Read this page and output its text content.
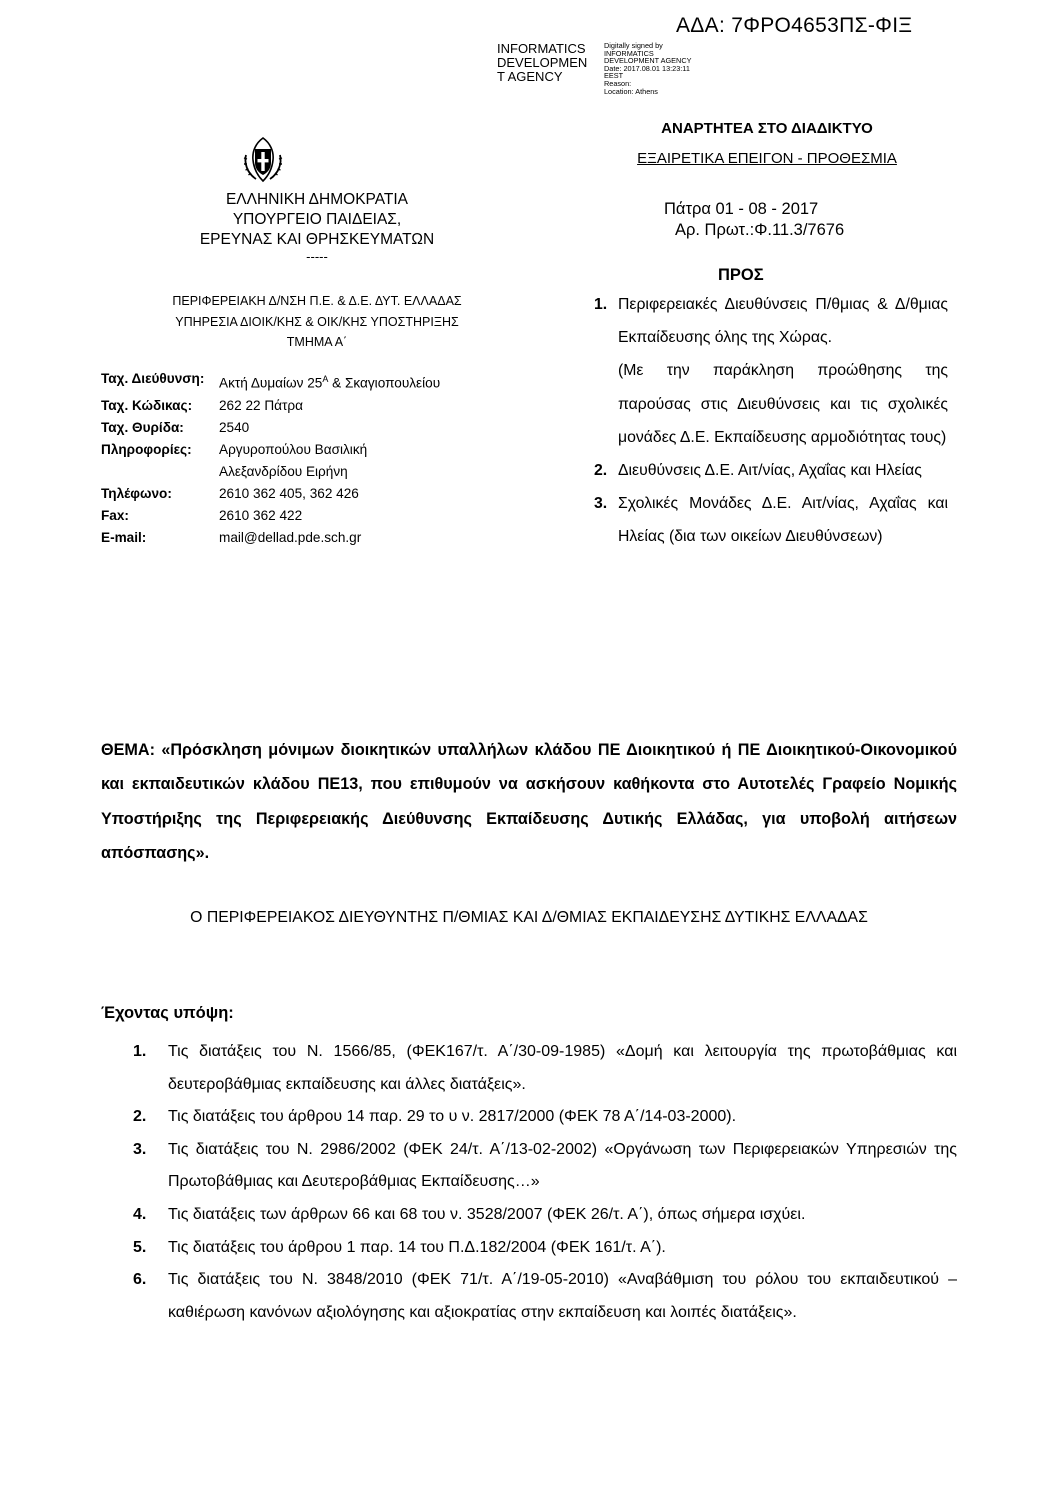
ΑΔΑ: 7ΦΡΟ4653ΠΣ-ΦΙΞ
INFORMATICS
DEVELOPMEN
T AGENCY
Digitally signed by
INFORMATICS
DEVELOPMENT AGENCY
Date: 2017.08.01 13:23:11
EEST
Reason:
Location: Athens
ΕΛΛΗΝΙΚΗ ΔΗΜΟΚΡΑΤΙΑ
ΥΠΟΥΡΓΕΙΟ ΠΑΙΔΕΙΑΣ,
ΕΡΕΥΝΑΣ ΚΑΙ ΘΡΗΣΚΕΥΜΑΤΩΝ
-----
ΠΕΡΙΦΕΡΕΙΑΚΗ Δ/ΝΣΗ Π.Ε. & Δ.Ε. ΔΥΤ. ΕΛΛΑΔΑΣ
ΥΠΗΡΕΣΙΑ ΔΙΟΙΚ/ΚΗΣ & ΟΙΚ/ΚΗΣ ΥΠΟΣΤΗΡΙΞΗΣ
ΤΜΗΜΑ Α΄
Ταχ. Διεύθυνση:	Ακτή Δυμαίων $25^A$ & Σκαγιοπουλείου
Ταχ. Κώδικας:	262 22 Πάτρα
Ταχ. Θυρίδα:	2540
Πληροφορίες:	Αργυροπούλου Βασιλική
	Αλεξανδρίδου Ειρήνη
Τηλέφωνο:	2610 362 405, 362 426
Fax:	2610 362 422
E-mail:	mail@dellad.pde.sch.gr
ΑΝΑΡΤΗΤΕΑ ΣΤΟ ΔΙΑΔΙΚΤΥΟ
ΕΞΑΙΡΕΤΙΚΑ ΕΠΕΙΓΟΝ - ΠΡΟΘΕΣΜΙΑ
Πάτρα 01 - 08 - 2017
Αρ. Πρωτ.:Φ.11.3/7676
ΠΡΟΣ
1. Περιφερειακές Διευθύνσεις Π/θμιας & Δ/θμιας Εκπαίδευσης όλης της Χώρας.
(Με την παράκληση προώθησης της παρούσας στις Διευθύνσεις και τις σχολικές μονάδες Δ.Ε. Εκπαίδευσης αρμοδιότητας τους)
2. Διευθύνσεις Δ.Ε. Αιτ/νίας, Αχαΐας και Ηλείας
3. Σχολικές Μονάδες Δ.Ε. Αιτ/νίας, Αχαΐας και Ηλείας (δια των οικείων Διευθύνσεων)
ΘΕΜΑ: «Πρόσκληση μόνιμων διοικητικών υπαλλήλων κλάδου ΠΕ Διοικητικού ή ΠΕ Διοικητικού-Οικονομικού και εκπαιδευτικών κλάδου ΠΕ13, που επιθυμούν να ασκήσουν καθήκοντα στο Αυτοτελές Γραφείο Νομικής Υποστήριξης της Περιφερειακής Διεύθυνσης Εκπαίδευσης Δυτικής Ελλάδας, για υποβολή αιτήσεων απόσπασης».
Ο ΠΕΡΙΦΕΡΕΙΑΚΟΣ ΔΙΕΥΘΥΝΤΗΣ Π/ΘΜΙΑΣ ΚΑΙ Δ/ΘΜΙΑΣ ΕΚΠΑΙΔΕΥΣΗΣ ΔΥΤΙΚΗΣ ΕΛΛΑΔΑΣ
Έχοντας υπόψη:
1. Τις διατάξεις του Ν. 1566/85, (ΦΕΚ167/τ. Α΄/30-09-1985) «Δομή και λειτουργία της πρωτοβάθμιας και δευτεροβάθμιας εκπαίδευσης και άλλες διατάξεις».
2. Τις διατάξεις του άρθρου 14 παρ. 29 το υ ν. 2817/2000 (ΦΕΚ 78 Α΄/14-03-2000).
3. Τις διατάξεις του Ν. 2986/2002 (ΦΕΚ 24/τ. Α΄/13-02-2002) «Οργάνωση των Περιφερειακών Υπηρεσιών της Πρωτοβάθμιας και Δευτεροβάθμιας Εκπαίδευσης…»
4. Τις διατάξεις των άρθρων 66 και 68 του ν. 3528/2007 (ΦΕΚ 26/τ. Α΄), όπως σήμερα ισχύει.
5. Τις διατάξεις του άρθρου 1 παρ. 14 του Π.Δ.182/2004 (ΦΕΚ 161/τ. Α΄).
6. Τις διατάξεις του Ν. 3848/2010 (ΦΕΚ 71/τ. Α΄/19-05-2010) «Αναβάθμιση του ρόλου του εκπαιδευτικού – καθιέρωση κανόνων αξιολόγησης και αξιοκρατίας στην εκπαίδευση και λοιπές διατάξεις».
